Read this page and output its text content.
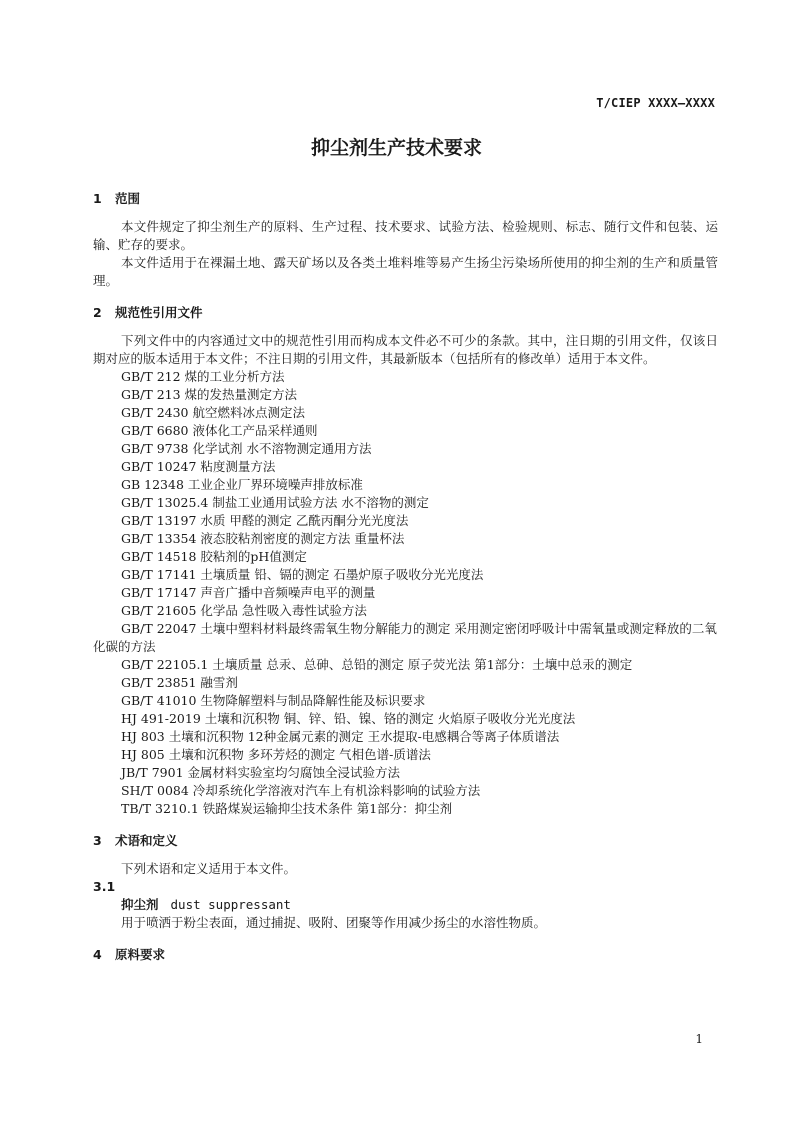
T/CIEP XXXX—XXXX
抑尘剂生产技术要求

1 范围

本文件规定了抑尘剂生产的原料、生产过程、技术要求、试验方法、检验规则、标志、随行文件和包装、运输、贮存的要求。

本文件适用于在裸漏土地、露天矿场以及各类土堆料堆等易产生扬尘污染场所使用的抑尘剂的生产和质量管理。

2 规范性引用文件

下列文件中的内容通过文中的规范性引用而构成本文件必不可少的条款。其中，注日期的引用文件，仅该日期对应的版本适用于本文件；不注日期的引用文件，其最新版本（包括所有的修改单）适用于本文件。

GB/T 212 煤的工业分析方法
GB/T 213 煤的发热量测定方法
GB/T 2430 航空燃料冰点测定法
GB/T 6680 液体化工产品采样通则
GB/T 9738 化学试剂 水不溶物测定通用方法
GB/T 10247 粘度测量方法
GB 12348 工业企业厂界环境噪声排放标准
GB/T 13025.4 制盐工业通用试验方法 水不溶物的测定
GB/T 13197 水质 甲醛的测定 乙酰丙酮分光光度法
GB/T 13354 液态胶粘剂密度的测定方法 重量杯法
GB/T 14518 胶粘剂的pH值测定
GB/T 17141 土壤质量 铅、镉的测定 石墨炉原子吸收分光光度法
GB/T 17147 声音广播中音频噪声电平的测量
GB/T 21605 化学品 急性吸入毒性试验方法
GB/T 22047 土壤中塑料材料最终需氧生物分解能力的测定 采用测定密闭呼吸计中需氧量或测定释放的二氧化碳的方法
GB/T 22105.1 土壤质量 总汞、总砷、总铅的测定 原子荧光法 第1部分：土壤中总汞的测定
GB/T 23851 融雪剂
GB/T 41010 生物降解塑料与制品降解性能及标识要求
HJ 491-2019 土壤和沉积物 铜、锌、铅、镍、铬的测定 火焰原子吸收分光光度法
HJ 803 土壤和沉积物 12种金属元素的测定 王水提取-电感耦合等离子体质谱法
HJ 805 土壤和沉积物 多环芳烃的测定 气相色谱-质谱法
JB/T 7901 金属材料实验室均匀腐蚀全浸试验方法
SH/T 0084 冷却系统化学溶液对汽车上有机涂料影响的试验方法
TB/T 3210.1 铁路煤炭运输抑尘技术条件 第1部分：抑尘剂

3 术语和定义

下列术语和定义适用于本文件。

3.1

抑尘剂 dust suppressant

用于喷洒于粉尘表面，通过捕捉、吸附、团聚等作用减少扬尘的水溶性物质。

4 原料要求

1
